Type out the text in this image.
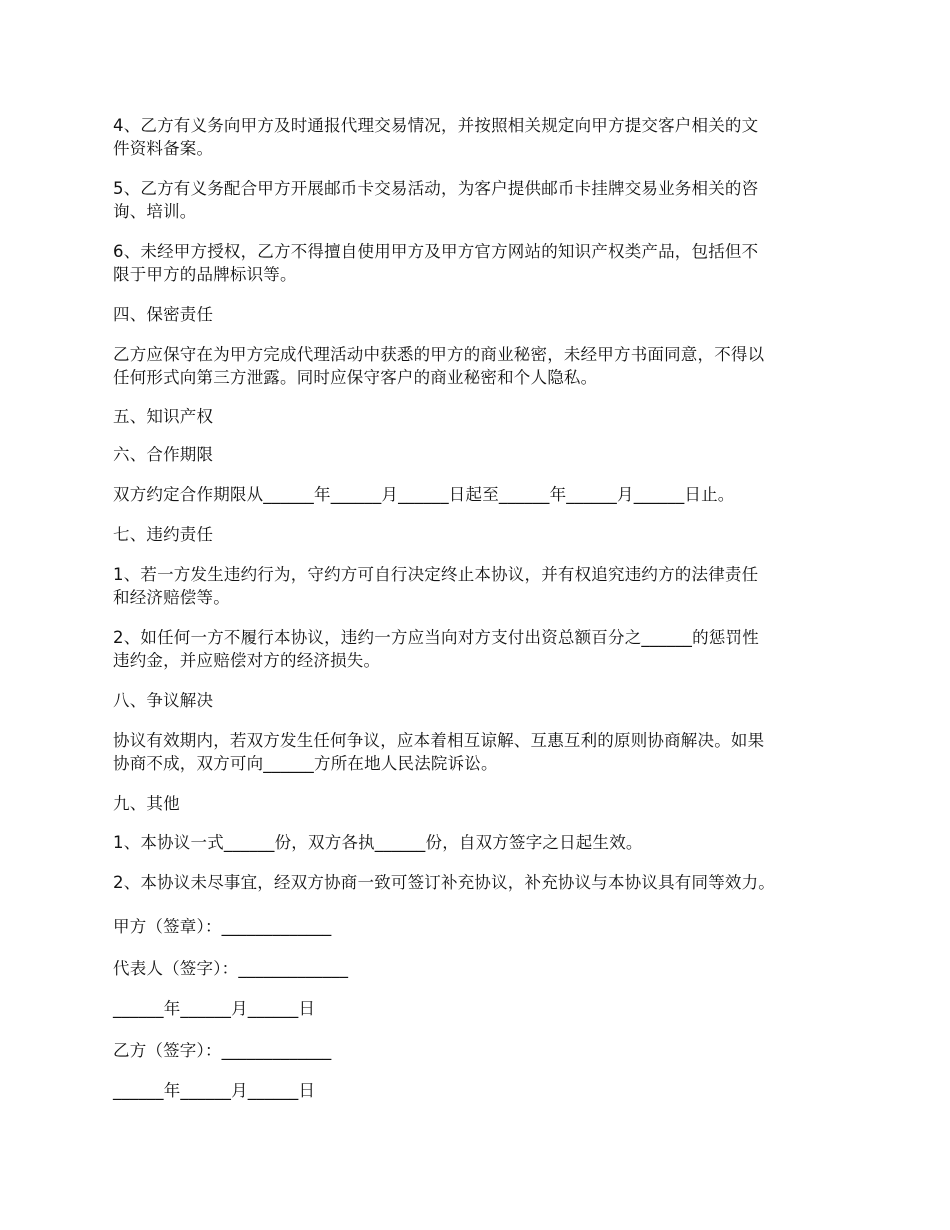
4、乙方有义务向甲方及时通报代理交易情况，并按照相关规定向甲方提交客户相关的文
件资料备案。
5、乙方有义务配合甲方开展邮币卡交易活动，为客户提供邮币卡挂牌交易业务相关的咨
询、培训。
6、未经甲方授权，乙方不得擅自使用甲方及甲方官方网站的知识产权类产品，包括但不
限于甲方的品牌标识等。
四、保密责任
乙方应保守在为甲方完成代理活动中获悉的甲方的商业秘密，未经甲方书面同意，不得以
任何形式向第三方泄露。同时应保守客户的商业秘密和个人隐私。
五、知识产权
六、合作期限
双方约定合作期限从______年______月______日起至______年______月______日止。
七、违约责任
1、若一方发生违约行为，守约方可自行决定终止本协议，并有权追究违约方的法律责任
和经济赔偿等。
2、如任何一方不履行本协议，违约一方应当向对方支付出资总额百分之______的惩罚性
违约金，并应赔偿对方的经济损失。
八、争议解决
协议有效期内，若双方发生任何争议，应本着相互谅解、互惠互利的原则协商解决。如果
协商不成，双方可向______方所在地人民法院诉讼。
九、其他
1、本协议一式______份，双方各执______份，自双方签字之日起生效。
2、本协议未尽事宜，经双方协商一致可签订补充协议，补充协议与本协议具有同等效力。
甲方（签章）：_____________
代表人（签字）：_____________
______年______月______日
乙方（签字）：_____________
______年______月______日
